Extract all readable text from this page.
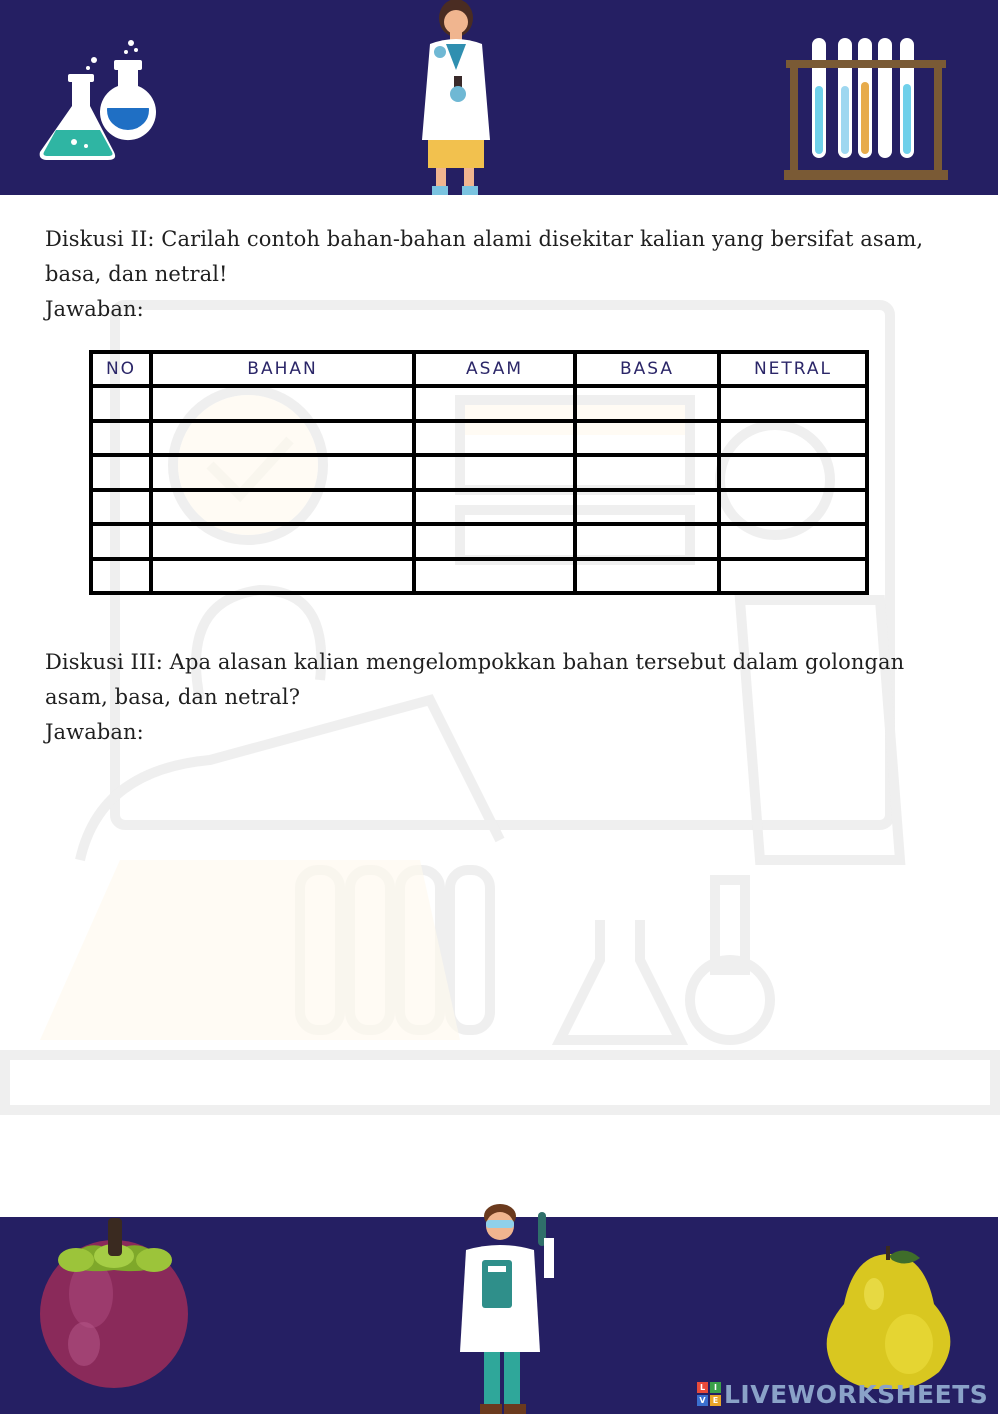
Diskusi II: Carilah contoh bahan-bahan alami disekitar kalian yang bersifat asam, basa, dan netral!

Jawaban:

NO	BAHAN	ASAM	BASA	NETRAL

Diskusi III: Apa alasan kalian mengelompokkan bahan tersebut dalam golongan asam, basa, dan netral?

Jawaban:

L	I
V E LIVEWORKSHEETS
